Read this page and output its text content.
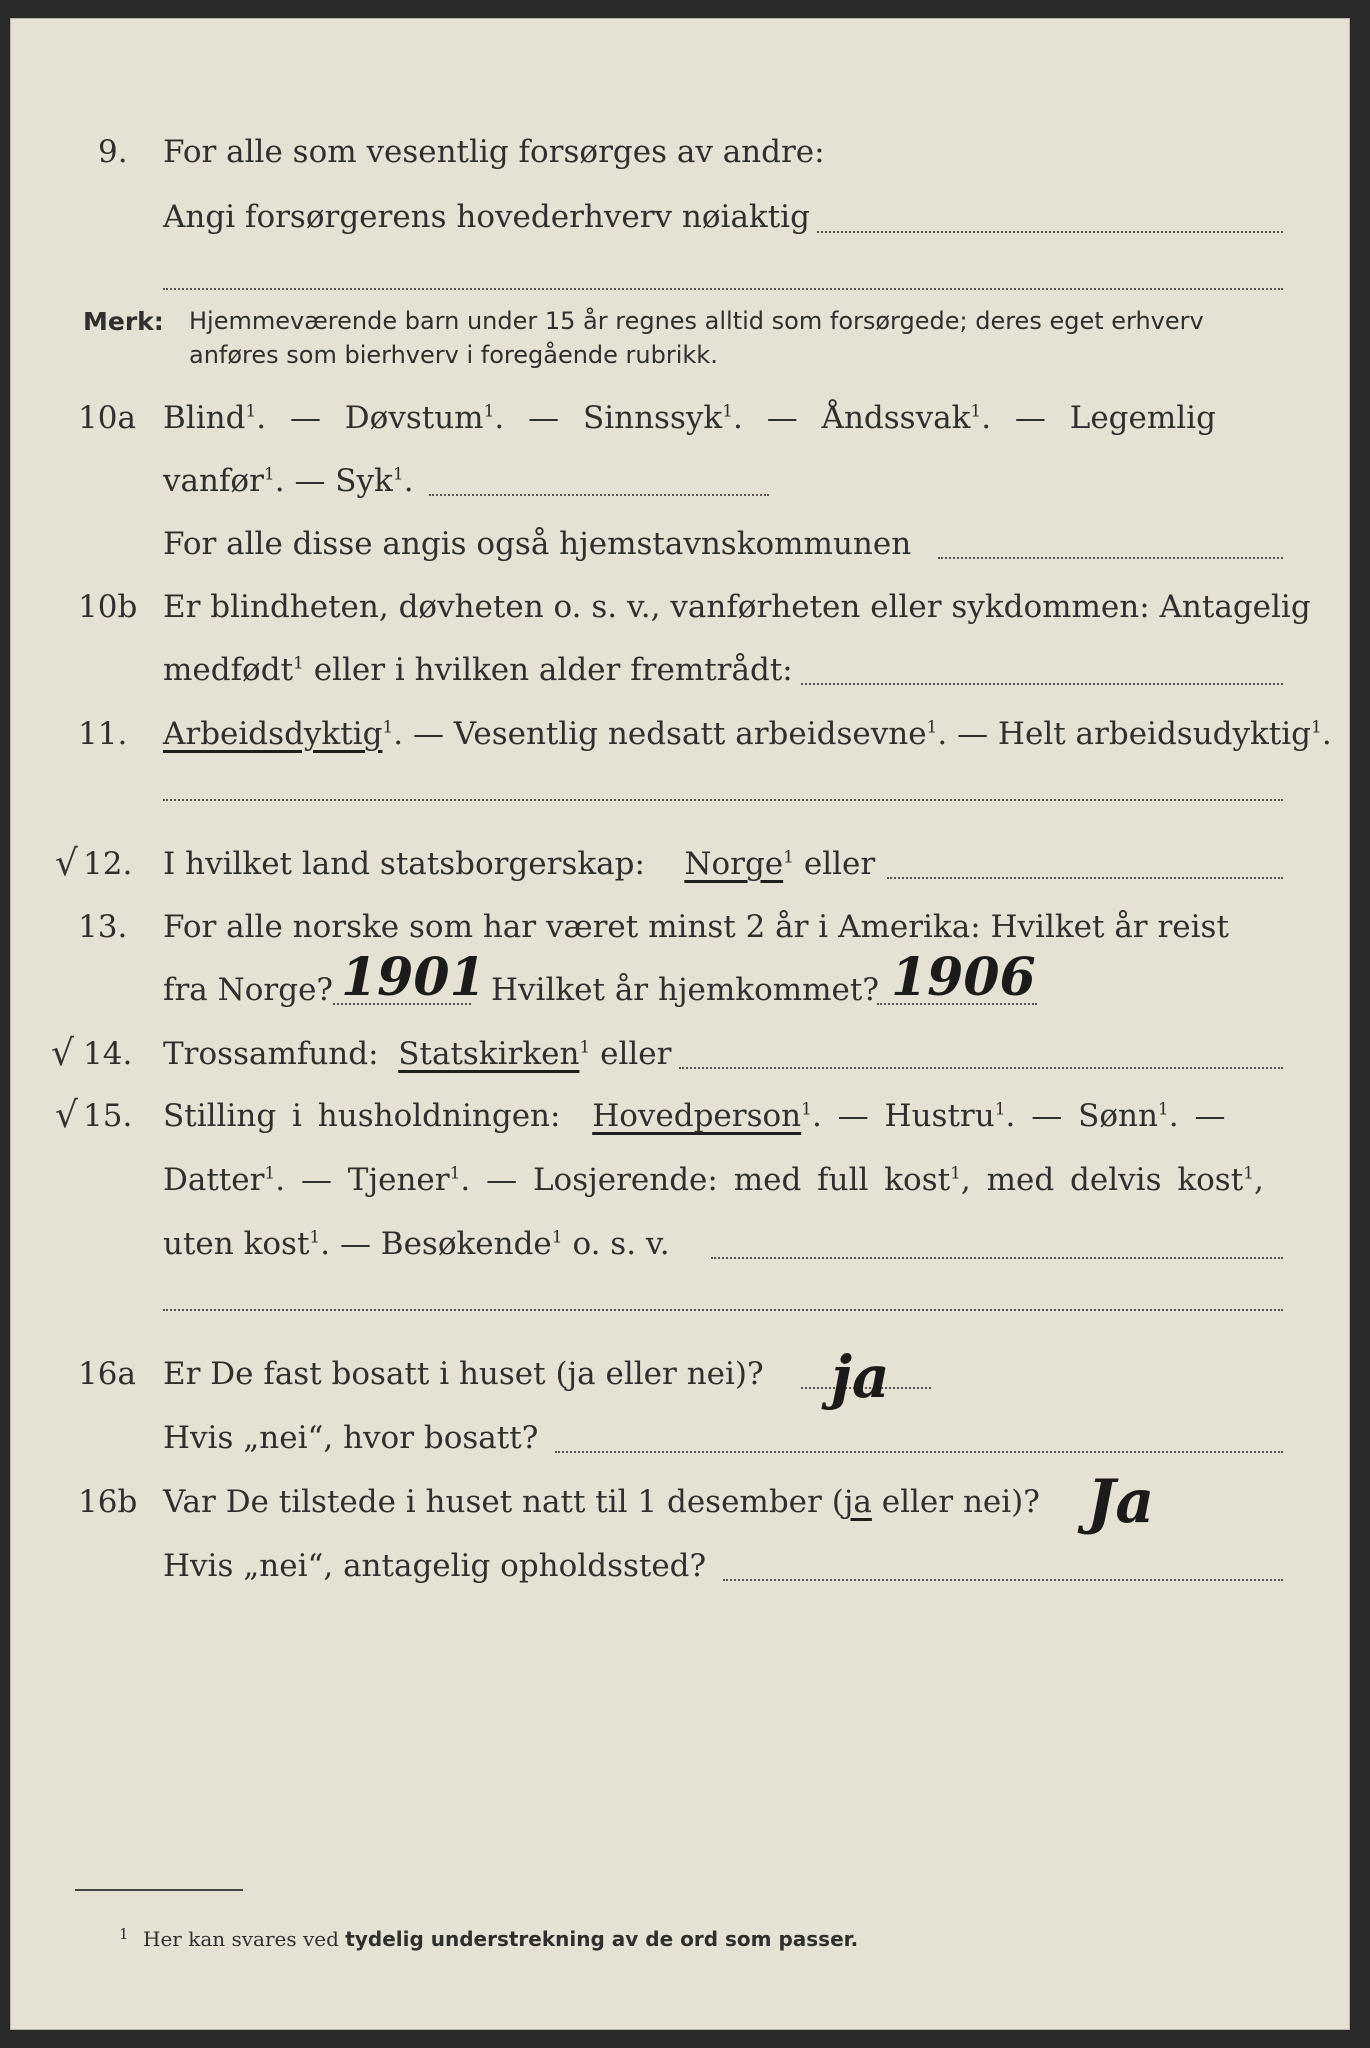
9. For alle som vesentlig forsørges av andre:
Angi forsørgerens hovederhverv nøiaktig
Merk: Hjemmeværende barn under 15 år regnes alltid som forsørgede; deres eget erhverv
anføres som bierhverv i foregående rubrikk.
10a Blind$^1$. — Døvstum$^1$. — Sinnssyk$^1$. — Åndssvak$^1$. — Legemlig
vanfør$^1$. — Syk$^1$.
For alle disse angis også hjemstavnskommunen
10b Er blindheten, døvheten o. s. v., vanførheten eller sykdommen: Antagelig
medfødt$^1$ eller i hvilken alder fremtrådt:
11. Arbeidsdyktig$^1$. — Vesentlig nedsatt arbeidsevne$^1$. — Helt arbeidsudyktig$^1$.
√ 12. I hvilket land statsborgerskap: Norge$^1$ eller
13. For alle norske som har været minst 2 år i Amerika: Hvilket år reist
fra Norge?	Hvilket år hjemkommet?
1901	1906
√ 14. Trossamfund: Statskirken$^1$ eller
√ 15. Stilling i husholdningen: Hovedperson$^1$. — Hustru$^1$. — Sønn$^1$. —
Datter$^1$. — Tjener$^1$. — Losjerende: med full kost$^1$, med delvis kost$^1$,
uten kost$^1$. — Besøkende$^1$ o. s. v.
16a Er De fast bosatt i huset (ja eller nei)? ja
Hvis „nei“, hvor bosatt?
16b Var De tilstede i huset natt til 1 desember (ja eller nei)? Ja
Hvis „nei“, antagelig opholdssted?
1 Her kan svares ved tydelig understrekning av de ord som passer.
